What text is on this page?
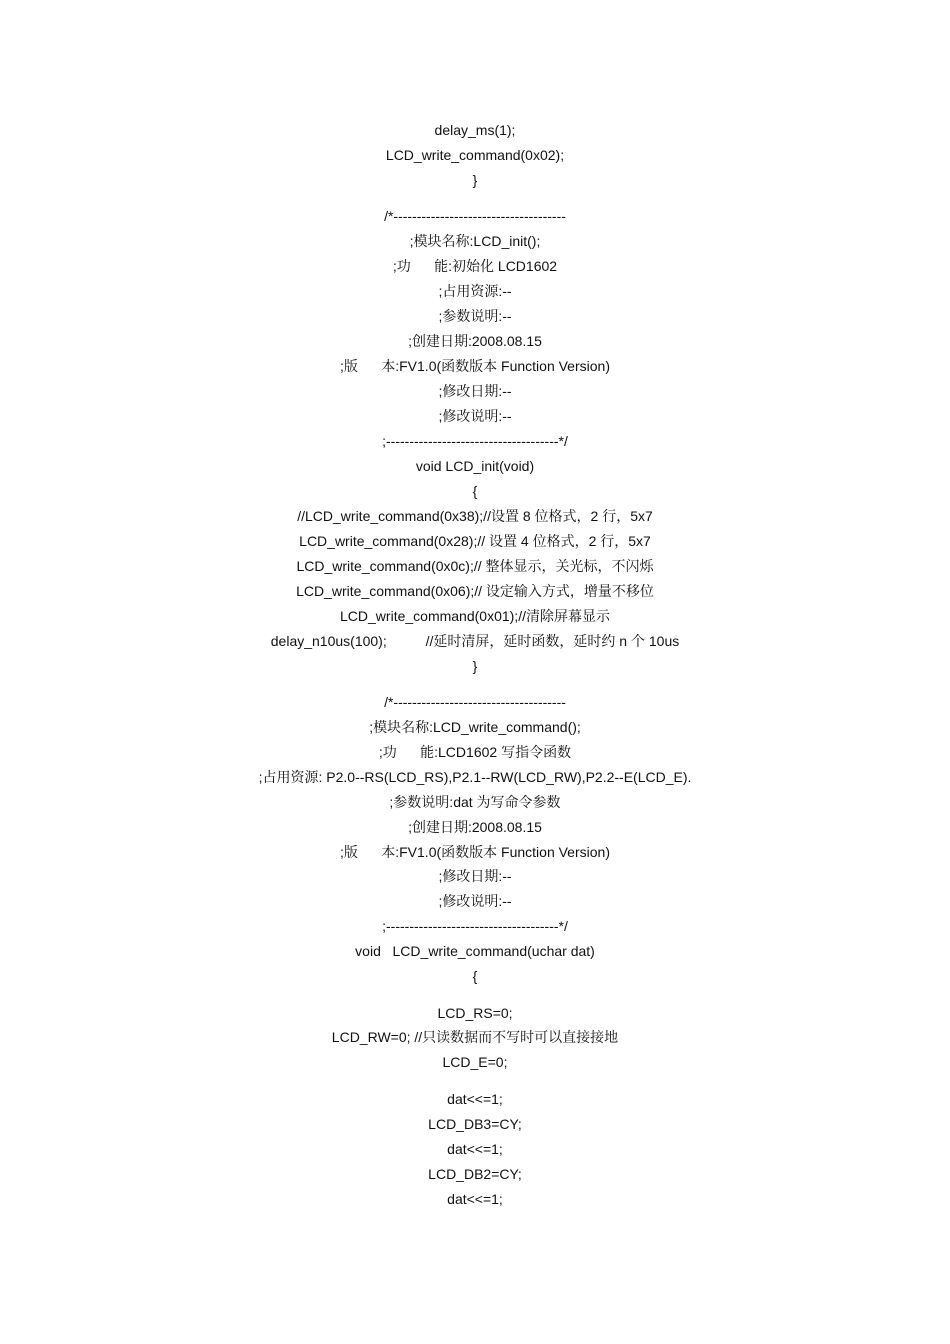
delay_ms(1);
LCD_write_command(0x02);
}
/*-------------------------------------
;模块名称:LCD_init();
;功      能:初始化 LCD1602
;占用资源:--
;参数说明:--
;创建日期:2008.08.15
;版      本:FV1.0(函数版本 Function Version)
;修改日期:--
;修改说明:--
;-------------------------------------*/
void LCD_init(void)
{
//LCD_write_command(0x38);//设置 8 位格式，2 行，5x7
LCD_write_command(0x28);// 设置 4 位格式，2 行，5x7
LCD_write_command(0x0c);// 整体显示，关光标，不闪烁
LCD_write_command(0x06);// 设定输入方式，增量不移位
LCD_write_command(0x01);//清除屏幕显示
delay_n10us(100);          //延时清屏，延时函数，延时约 n 个 10us
}
/*-------------------------------------
;模块名称:LCD_write_command();
;功      能:LCD1602 写指令函数
;占用资源: P2.0--RS(LCD_RS),P2.1--RW(LCD_RW),P2.2--E(LCD_E).
;参数说明:dat 为写命令参数
;创建日期:2008.08.15
;版      本:FV1.0(函数版本 Function Version)
;修改日期:--
;修改说明:--
;-------------------------------------*/
void   LCD_write_command(uchar dat)
{
LCD_RS=0;
LCD_RW=0; //只读数据而不写时可以直接接地
LCD_E=0;
dat<<=1;
LCD_DB3=CY;
dat<<=1;
LCD_DB2=CY;
dat<<=1;
